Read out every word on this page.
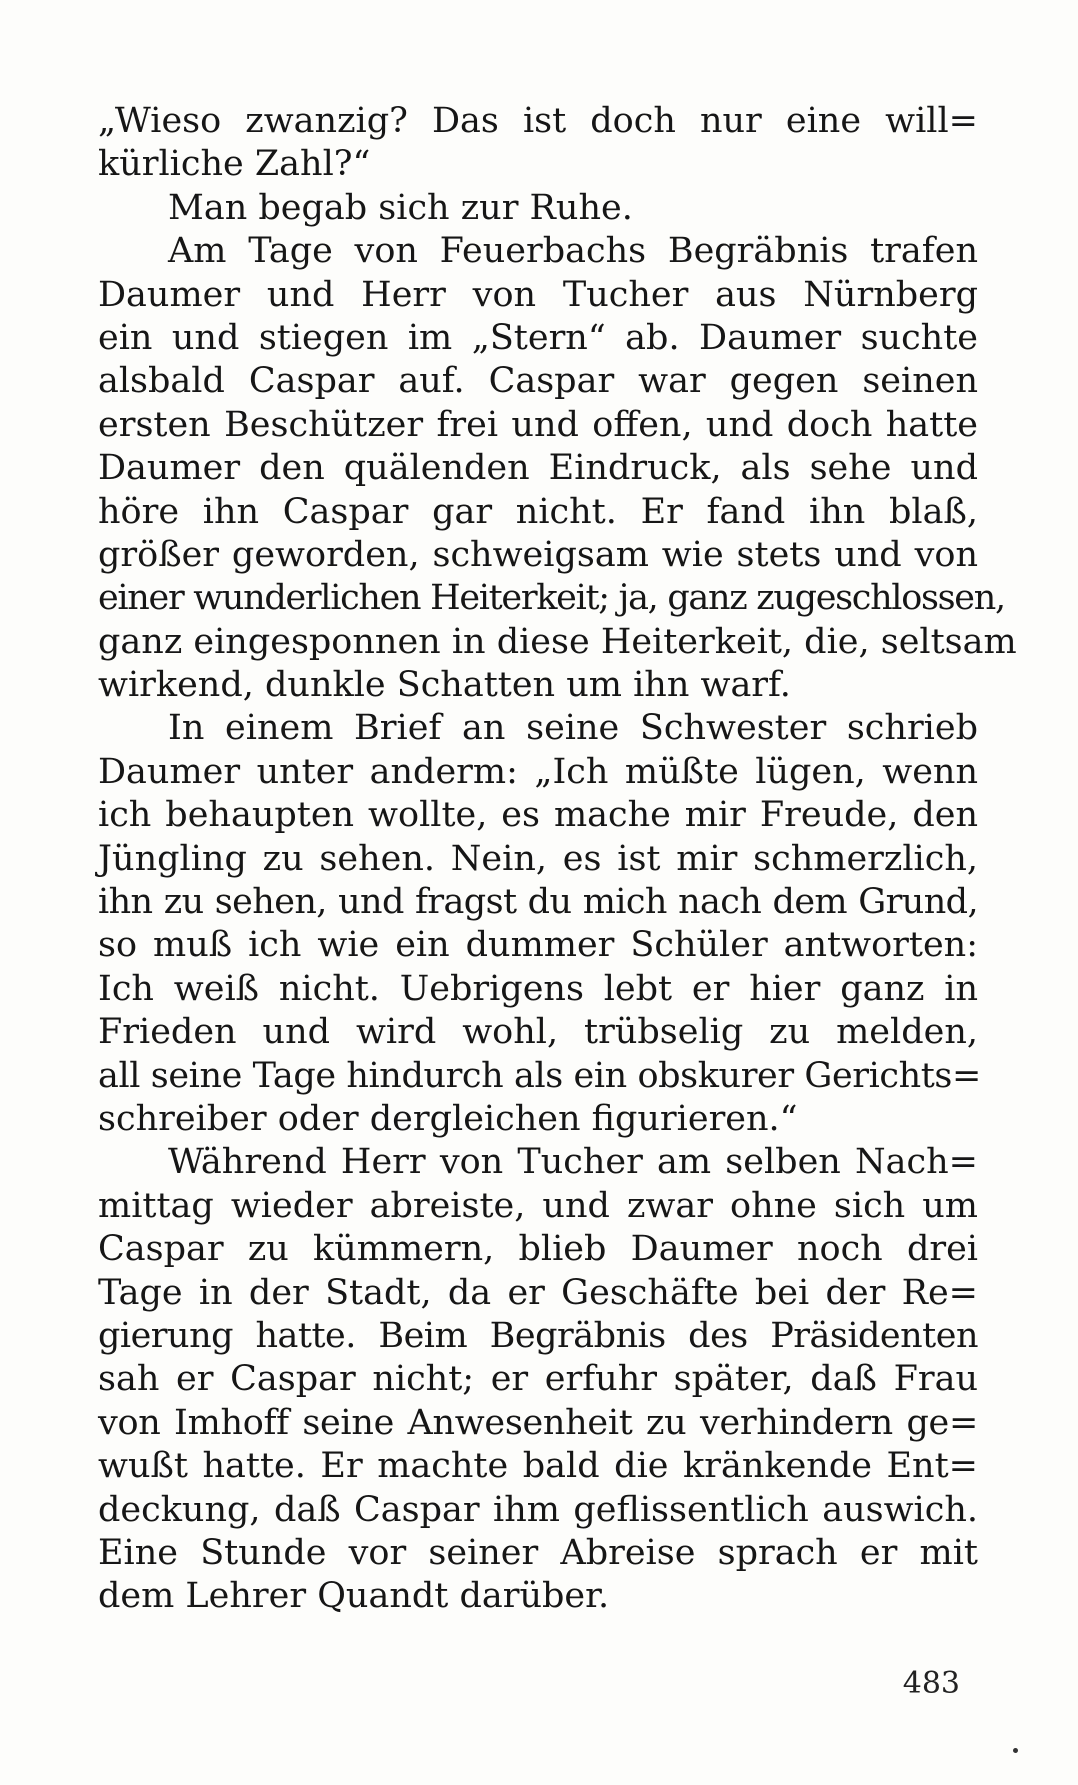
„Wieso zwanzig? Das ist doch nur eine will=
kürliche Zahl?“
Man begab sich zur Ruhe.
Am Tage von Feuerbachs Begräbnis trafen
Daumer und Herr von Tucher aus Nürnberg
ein und stiegen im „Stern“ ab. Daumer suchte
alsbald Caspar auf. Caspar war gegen seinen
ersten Beschützer frei und offen, und doch hatte
Daumer den quälenden Eindruck, als sehe und
höre ihn Caspar gar nicht. Er fand ihn blaß,
größer geworden, schweigsam wie stets und von
einer wunderlichen Heiterkeit; ja, ganz zugeschlossen,
ganz eingesponnen in diese Heiterkeit, die, seltsam
wirkend, dunkle Schatten um ihn warf.
In einem Brief an seine Schwester schrieb
Daumer unter anderm: „Ich müßte lügen, wenn
ich behaupten wollte, es mache mir Freude, den
Jüngling zu sehen. Nein, es ist mir schmerzlich,
ihn zu sehen, und fragst du mich nach dem Grund,
so muß ich wie ein dummer Schüler antworten:
Ich weiß nicht. Uebrigens lebt er hier ganz in
Frieden und wird wohl, trübselig zu melden,
all seine Tage hindurch als ein obskurer Gerichts=
schreiber oder dergleichen figurieren.“
Während Herr von Tucher am selben Nach=
mittag wieder abreiste, und zwar ohne sich um
Caspar zu kümmern, blieb Daumer noch drei
Tage in der Stadt, da er Geschäfte bei der Re=
gierung hatte. Beim Begräbnis des Präsidenten
sah er Caspar nicht; er erfuhr später, daß Frau
von Imhoff seine Anwesenheit zu verhindern ge=
wußt hatte. Er machte bald die kränkende Ent=
deckung, daß Caspar ihm geflissentlich auswich.
Eine Stunde vor seiner Abreise sprach er mit
dem Lehrer Quandt darüber.
483
